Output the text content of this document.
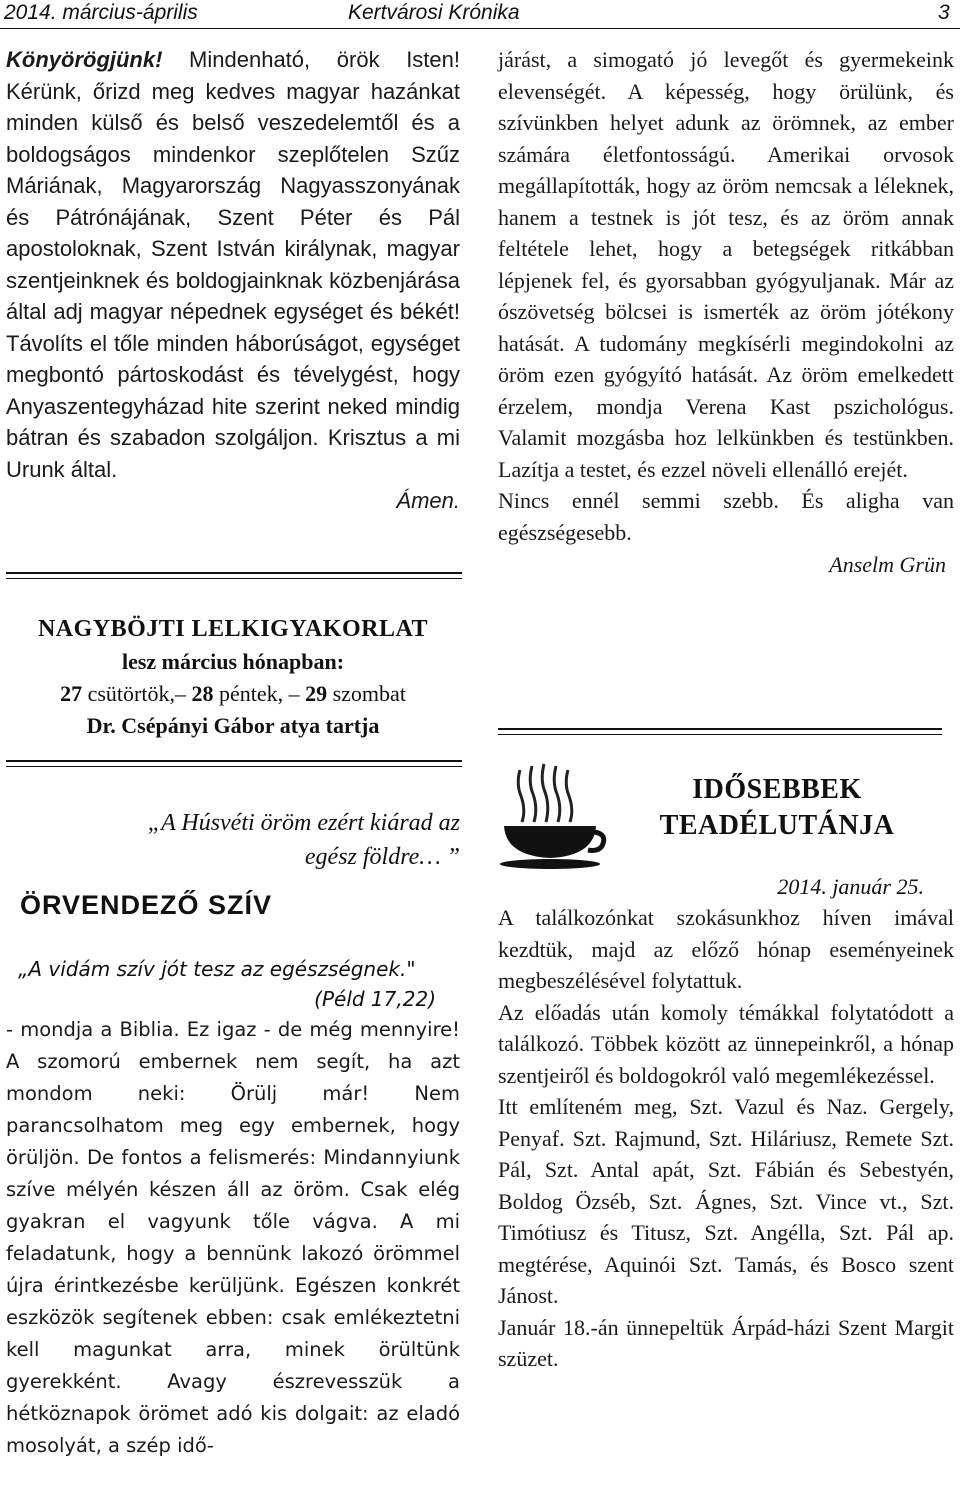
2014. március-április	Kertvárosi Krónika	3

Könyörögjünk! Mindenható, örök Isten! Kérünk, őrizd meg kedves magyar hazánkat minden külső és belső veszedelemtől és a boldogságos mindenkor szeplőtelen Szűz Máriának, Magyarország Nagyasszonyának és Pátrónájának, Szent Péter és Pál apostoloknak, Szent István királynak, magyar szentjeinknek és boldogjainknak közbenjárása által adj magyar népednek egységet és békét! Távolíts el tőle minden háborúságot, egységet megbontó pártoskodást és tévelygést, hogy Anyaszentegyházad hite szerint neked mindig bátran és szabadon szolgáljon. Krisztus a mi Urunk által.

Ámen.

NAGYBÖJTI LELKIGYAKORLAT
lesz március hónapban:
27 csütörtök,– 28 péntek, – 29 szombat
Dr. Csépányi Gábor atya tartja

járást, a simogató jó levegőt és gyermekeink elevenségét. A képesség, hogy örülünk, és szívünkben helyet adunk az örömnek, az ember számára életfontosságú. Amerikai orvosok megállapították, hogy az öröm nemcsak a léleknek, hanem a testnek is jót tesz, és az öröm annak feltétele lehet, hogy a betegségek ritkábban lépjenek fel, és gyorsabban gyógyuljanak. Már az ószövetség bölcsei is ismerték az öröm jótékony hatását. A tudomány megkísérli megindokolni az öröm ezen gyógyító hatását. Az öröm emelkedett érzelem, mondja Verena Kast pszichológus. Valamit mozgásba hoz lelkünkben és testünkben. Lazítja a testet, és ezzel növeli ellenálló erejét.

Nincs ennél semmi szebb. És aligha van egészségesebb.

Anselm Grün

„A Húsvéti öröm ezért kiárad az egész földre… ”
ÖRVENDEZŐ SZÍV
„A vidám szív jót tesz az egészségnek."
(Péld 17,22)

- mondja a Biblia. Ez igaz - de még mennyire! A szomorú embernek nem segít, ha azt mondom neki: Örülj már! Nem parancsolhatom meg egy embernek, hogy örüljön. De fontos a felismerés: Mindannyiunk szíve mélyén készen áll az öröm. Csak elég gyakran el vagyunk tőle vágva. A mi feladatunk, hogy a bennünk lakozó örömmel újra érintkezésbe kerüljünk. Egészen konkrét eszközök segítenek ebben: csak emlékeztetni kell magunkat arra, minek örültünk gyerekként. Avagy észrevesszük a hétköznapok örömet adó kis dolgait: az eladó mosolyát, a szép idő-

IDŐSEBBEK
TEADÉLUTÁNJA
2014. január 25.

A találkozónkat szokásunkhoz híven imával kezdtük, majd az előző hónap eseményeinek megbeszélésével folytattuk.

Az előadás után komoly témákkal folytatódott a találkozó. Többek között az ünnepeinkről, a hónap szentjeiről és boldogokról való megemlékezéssel.

Itt említeném meg, Szt. Vazul és Naz. Gergely, Penyaf. Szt. Rajmund, Szt. Hiláriusz, Remete Szt. Pál, Szt. Antal apát, Szt. Fábián és Sebestyén, Boldog Özséb, Szt. Ágnes, Szt. Vince vt., Szt. Timótiusz és Titusz, Szt. Angélla, Szt. Pál ap. megtérése, Aquinói Szt. Tamás, és Bosco szent Jánost.

Január 18.-án ünnepeltük Árpád-házi Szent Margit szüzet.
